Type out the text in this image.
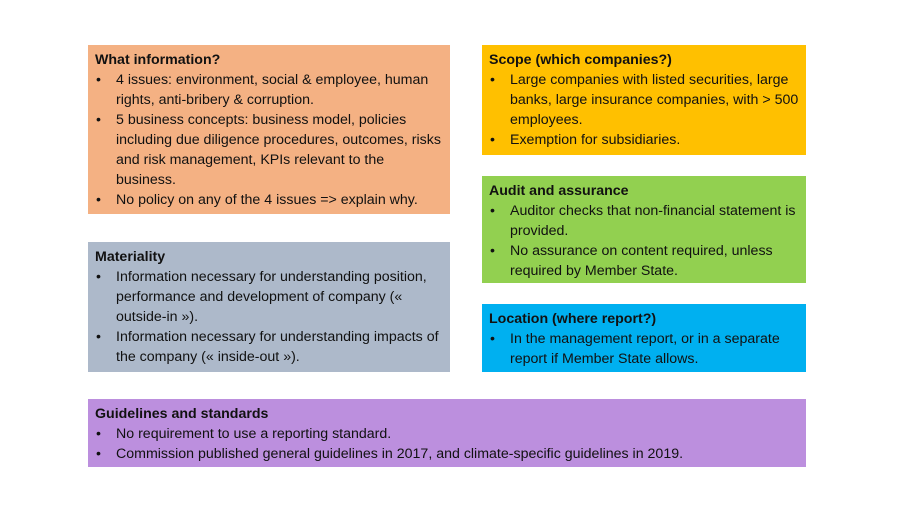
What information?
• 4 issues: environment, social & employee, human rights, anti-bribery & corruption.
• 5 business concepts: business model, policies including due diligence procedures, outcomes, risks and risk management, KPIs relevant to the business.
• No policy on any of the 4 issues => explain why.
Materiality
• Information necessary for understanding position, performance and development of company (« outside-in »).
• Information necessary for understanding impacts of the company (« inside-out »).
Scope (which companies?)
• Large companies with listed securities, large banks, large insurance companies, with > 500 employees.
• Exemption for subsidiaries.
Audit and assurance
• Auditor checks that non-financial statement is provided.
• No assurance on content required, unless required by Member State.
Location (where report?)
• In the management report, or in a separate report if Member State allows.
Guidelines and standards
• No requirement to use a reporting standard.
• Commission published general guidelines in 2017, and climate-specific guidelines in 2019.
